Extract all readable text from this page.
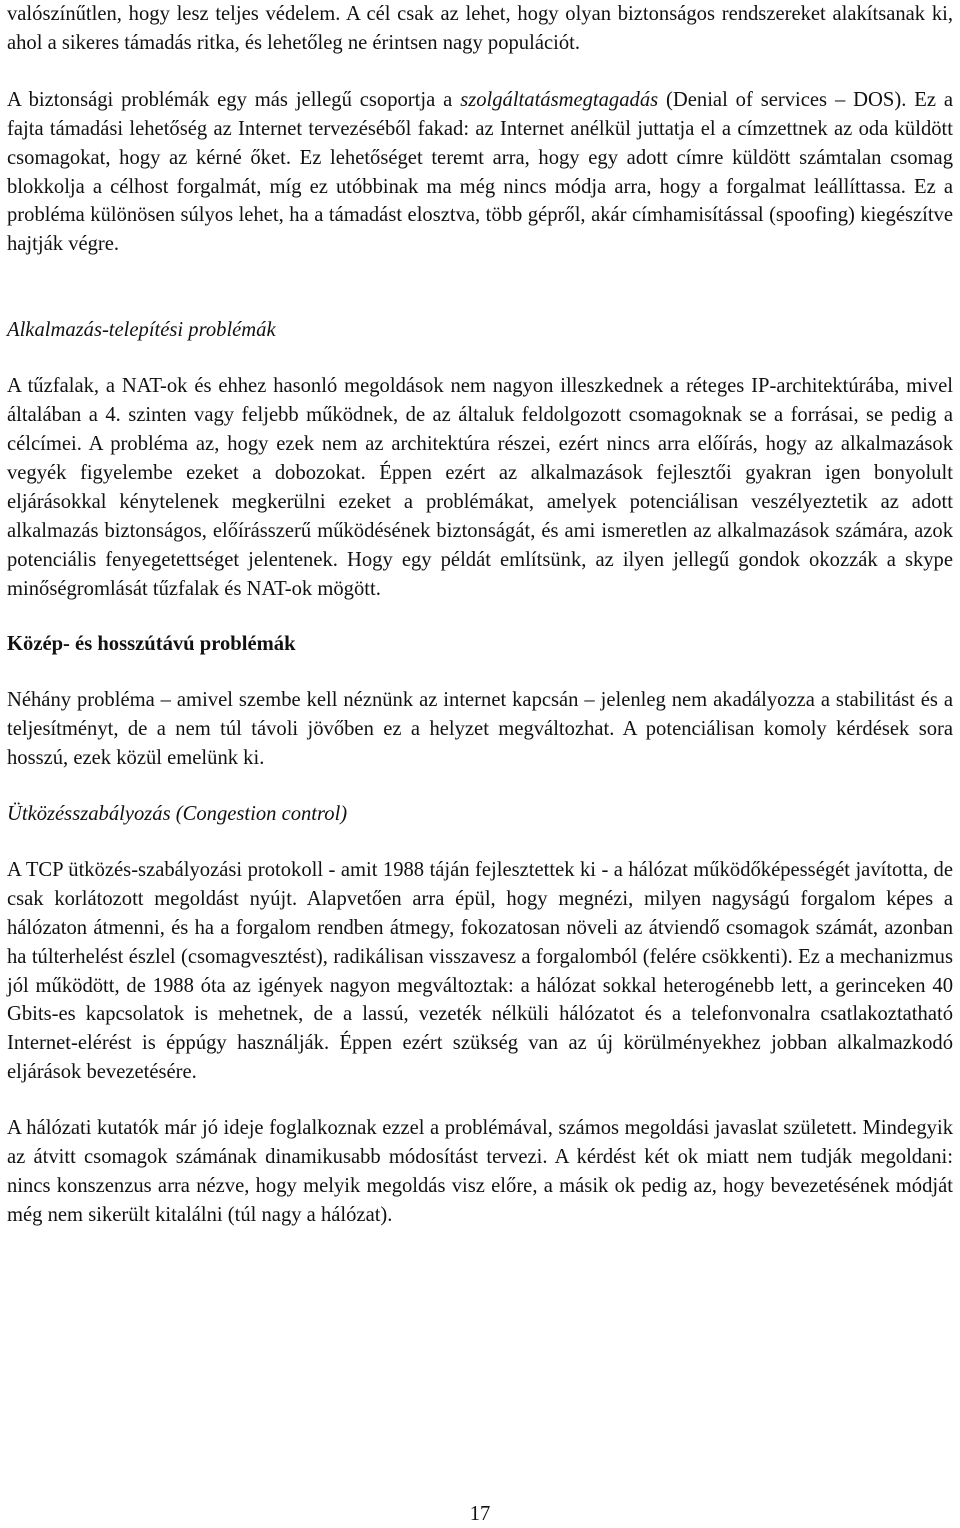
valószínűtlen, hogy lesz teljes védelem. A cél csak az lehet, hogy olyan biztonságos rendszereket alakítsanak ki, ahol a sikeres támadás ritka, és lehetőleg ne érintsen nagy populációt.

A biztonsági problémák egy más jellegű csoportja a szolgáltatásmegtagadás (Denial of services – DOS). Ez a fajta támadási lehetőség az Internet tervezéséből fakad: az Internet anélkül juttatja el a címzettnek az oda küldött csomagokat, hogy az kérné őket. Ez lehetőséget teremt arra, hogy egy adott címre küldött számtalan csomag blokkolja a célhost forgalmát, míg ez utóbbinak ma még nincs módja arra, hogy a forgalmat leállíttassa. Ez a probléma különösen súlyos lehet, ha a támadást elosztva, több gépről, akár címhamisítással (spoofing) kiegészítve hajtják végre.

Alkalmazás-telepítési problémák

A tűzfalak, a NAT-ok és ehhez hasonló megoldások nem nagyon illeszkednek a réteges IP-architektúrába, mivel általában a 4. szinten vagy feljebb működnek, de az általuk feldolgozott csomagoknak se a forrásai, se pedig a célcímei. A probléma az, hogy ezek nem az architektúra részei, ezért nincs arra előírás, hogy az alkalmazások vegyék figyelembe ezeket a dobozokat. Éppen ezért az alkalmazások fejlesztői gyakran igen bonyolult eljárásokkal kénytelenek megkerülni ezeket a problémákat, amelyek potenciálisan veszélyeztetik az adott alkalmazás biztonságos, előírásszerű működésének biztonságát, és ami ismeretlen az alkalmazások számára, azok potenciális fenyegetettséget jelentenek. Hogy egy példát említsünk, az ilyen jellegű gondok okozzák a skype minőségromlását tűzfalak és NAT-ok mögött.

Közép- és hosszútávú problémák

Néhány probléma – amivel szembe kell néznünk az internet kapcsán – jelenleg nem akadályozza a stabilitást és a teljesítményt, de a nem túl távoli jövőben ez a helyzet megváltozhat. A potenciálisan komoly kérdések sora hosszú, ezek közül emelünk ki.

Ütközésszabályozás (Congestion control)

A TCP ütközés-szabályozási protokoll - amit 1988 táján fejlesztettek ki - a hálózat működőképességét javította, de csak korlátozott megoldást nyújt. Alapvetően arra épül, hogy megnézi, milyen nagyságú forgalom képes a hálózaton átmenni, és ha a forgalom rendben átmegy, fokozatosan növeli az átviendő csomagok számát, azonban ha túlterhelést észlel (csomagvesztést), radikálisan visszavesz a forgalomból (felére csökkenti). Ez a mechanizmus jól működött, de 1988 óta az igények nagyon megváltoztak: a hálózat sokkal heterogénebb lett, a gerinceken 40 Gbits-es kapcsolatok is mehetnek, de a lassú, vezeték nélküli hálózatot és a telefonvonalra csatlakoztatható Internet-elérést is éppúgy használják. Éppen ezért szükség van az új körülményekhez jobban alkalmazkodó eljárások bevezetésére.

A hálózati kutatók már jó ideje foglalkoznak ezzel a problémával, számos megoldási javaslat született. Mindegyik az átvitt csomagok számának dinamikusabb módosítást tervezi. A kérdést két ok miatt nem tudják megoldani: nincs konszenzus arra nézve, hogy melyik megoldás visz előre, a másik ok pedig az, hogy bevezetésének módját még nem sikerült kitalálni (túl nagy a hálózat).

17
